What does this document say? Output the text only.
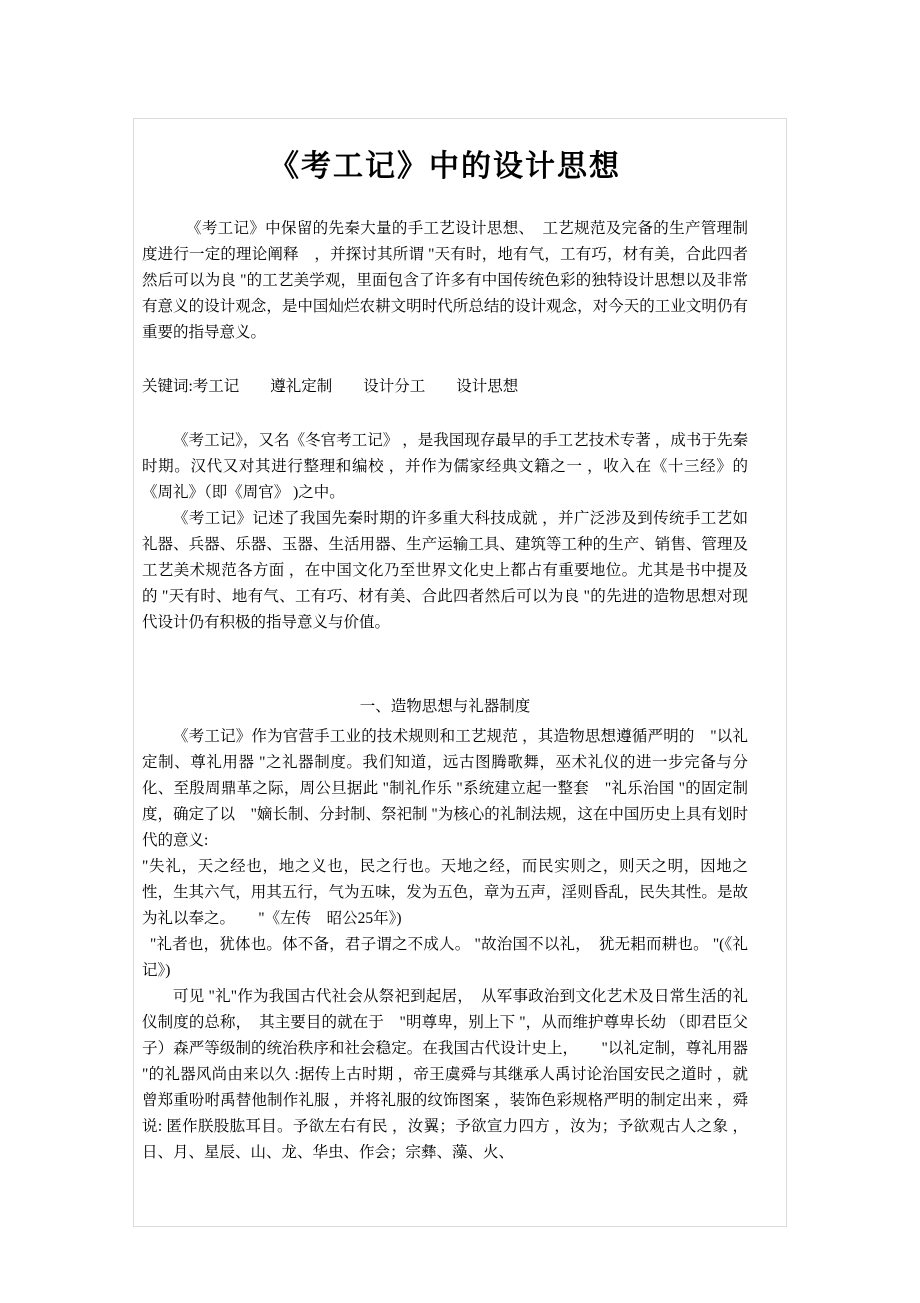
《考工记》中的设计思想

《考工记》中保留的先秦大量的手工艺设计思想、　工艺规范及完备的生产管理制度进行一定的理论阐释　，并探讨其所谓 "天有时，地有气，工有巧，材有美，合此四者然后可以为良 "的工艺美学观，里面包含了许多有中国传统色彩的独特设计思想以及非常有意义的设计观念，是中国灿烂农耕文明时代所总结的设计观念，对今天的工业文明仍有重要的指导意义。

关键词:考工记　　遵礼定制　　设计分工　　设计思想

《考工记》，又名《冬官考工记》 ，是我国现存最早的手工艺技术专著 ，成书于先秦时期。汉代又对其进行整理和编校 ，并作为儒家经典文籍之一 ，收入在《十三经》的《周礼》（即《周官》 )之中。

《考工记》记述了我国先秦时期的许多重大科技成就 ，并广泛涉及到传统手工艺如礼器、兵器、乐器、玉器、生活用器、生产运输工具、建筑等工种的生产、销售、管理及工艺美术规范各方面 ，在中国文化乃至世界文化史上都占有重要地位。尤其是书中提及的 "天有时、地有气、工有巧、材有美、合此四者然后可以为良 "的先进的造物思想对现代设计仍有积极的指导意义与价值。

一、造物思想与礼器制度

《考工记》作为官营手工业的技术规则和工艺规范 ，其造物思想遵循严明的　"以礼定制、尊礼用器 "之礼器制度。我们知道，远古图腾歌舞，巫术礼仪的进一步完备与分化、至殷周鼎革之际，周公旦据此 "制礼作乐 "系统建立起一整套　"礼乐治国 "的固定制度，确定了以　"嫡长制、分封制、祭祀制 "为核心的礼制法规，这在中国历史上具有划时代的意义:

"失礼，天之经也，地之义也，民之行也。天地之经，而民实则之，则天之明，因地之性，生其六气，用其五行，气为五味，发为五色，章为五声，淫则昏乱，民失其性。是故为礼以奉之。　　"《左传　昭公25年》)

"礼者也，犹体也。体不备，君子谓之不成人。 "故治国不以礼，　犹无耜而耕也。 "(《礼记》)

可见 "礼"作为我国古代社会从祭祀到起居，　从军事政治到文化艺术及日常生活的礼仪制度的总称，　其主要目的就在于　"明尊卑，别上下 "，从而维护尊卑长幼 （即君臣父子）森严等级制的统治秩序和社会稳定。在我国古代设计史上，　　"以礼定制，尊礼用器 "的礼器风尚由来以久 :据传上古时期 ，帝王虞舜与其继承人禹讨论治国安民之道时 ，就曾郑重吩咐禹替他制作礼服 ，并将礼服的纹饰图案 ，装饰色彩规格严明的制定出来 ，舜说: 匿作朕股肱耳目。予欲左右有民 ，汝翼；予欲宣力四方 ，汝为；予欲观古人之象 ，日、月、星辰、山、龙、华虫、作会；宗彝、藻、火、
